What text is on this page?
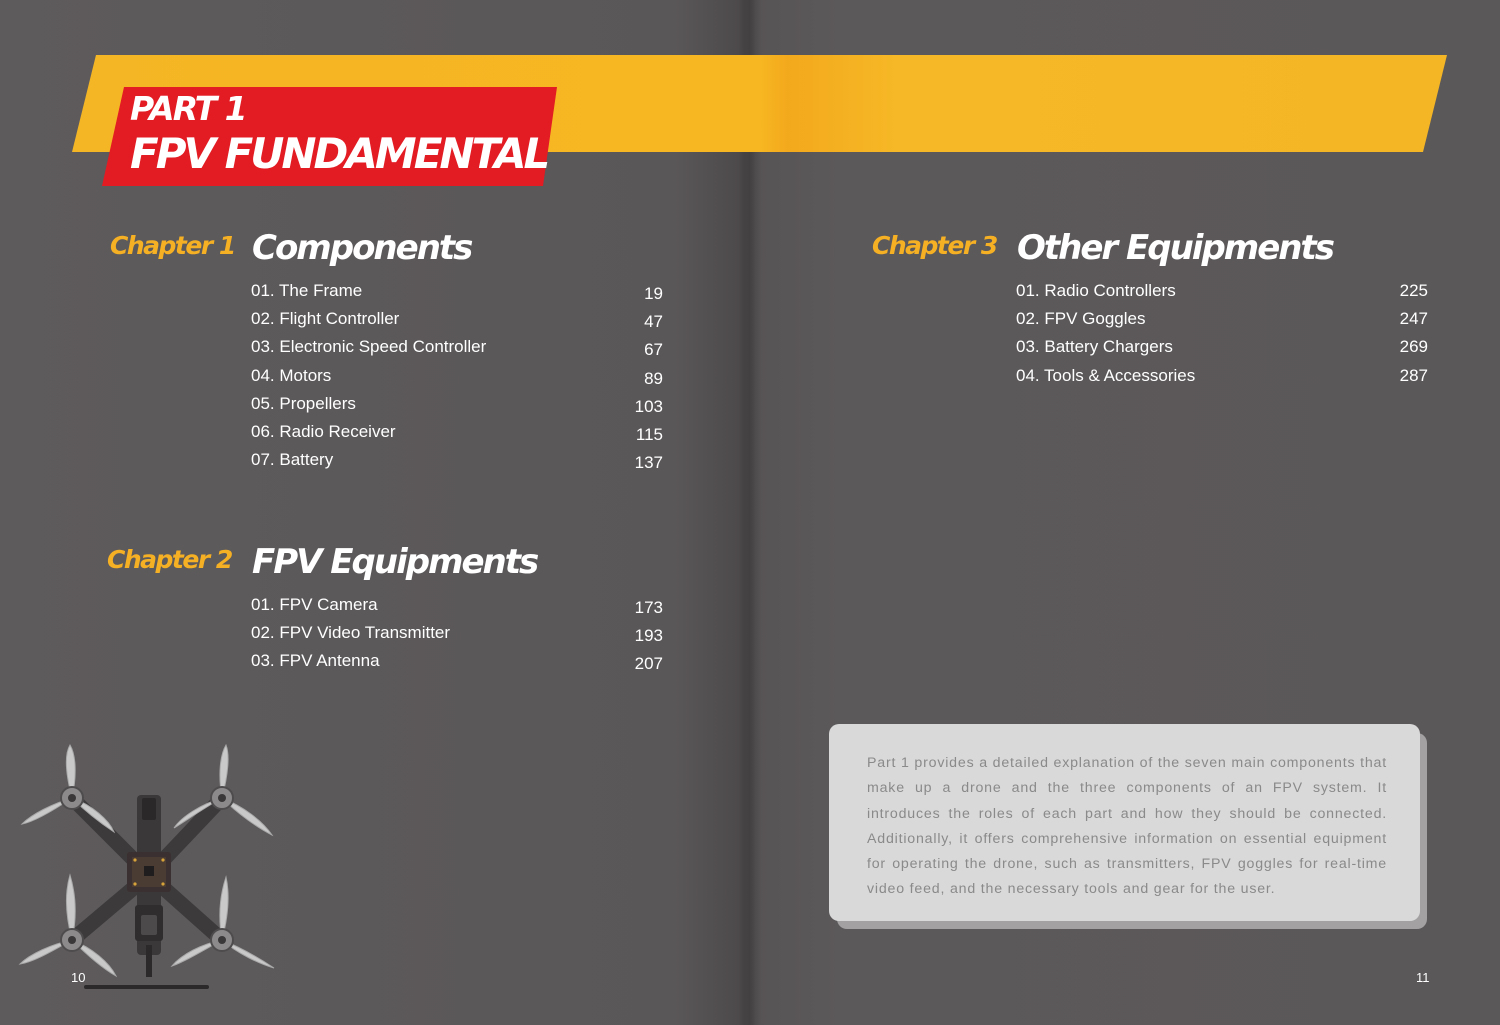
PART 1
FPV FUNDAMENTAL
Chapter 1 Components
01. The Frame	19
02. Flight Controller	47
03. Electronic Speed Controller	67
04. Motors	89
05. Propellers	103
06. Radio Receiver	115
07. Battery	137
Chapter 2 FPV Equipments
01. FPV Camera	173
02. FPV Video Transmitter	193
03. FPV Antenna	207
Chapter 3 Other Equipments
01. Radio Controllers	225
02. FPV Goggles	247
03. Battery Chargers	269
04. Tools & Accessories	287
10	11

Part 1 provides a detailed explanation of the seven main components that make up a drone and the three components of an FPV system. It introduces the roles of each part and how they should be connected. Additionally, it offers comprehensive information on essential equipment for operating the drone, such as transmitters, FPV goggles for real-time video feed, and the necessary tools and gear for the user.
